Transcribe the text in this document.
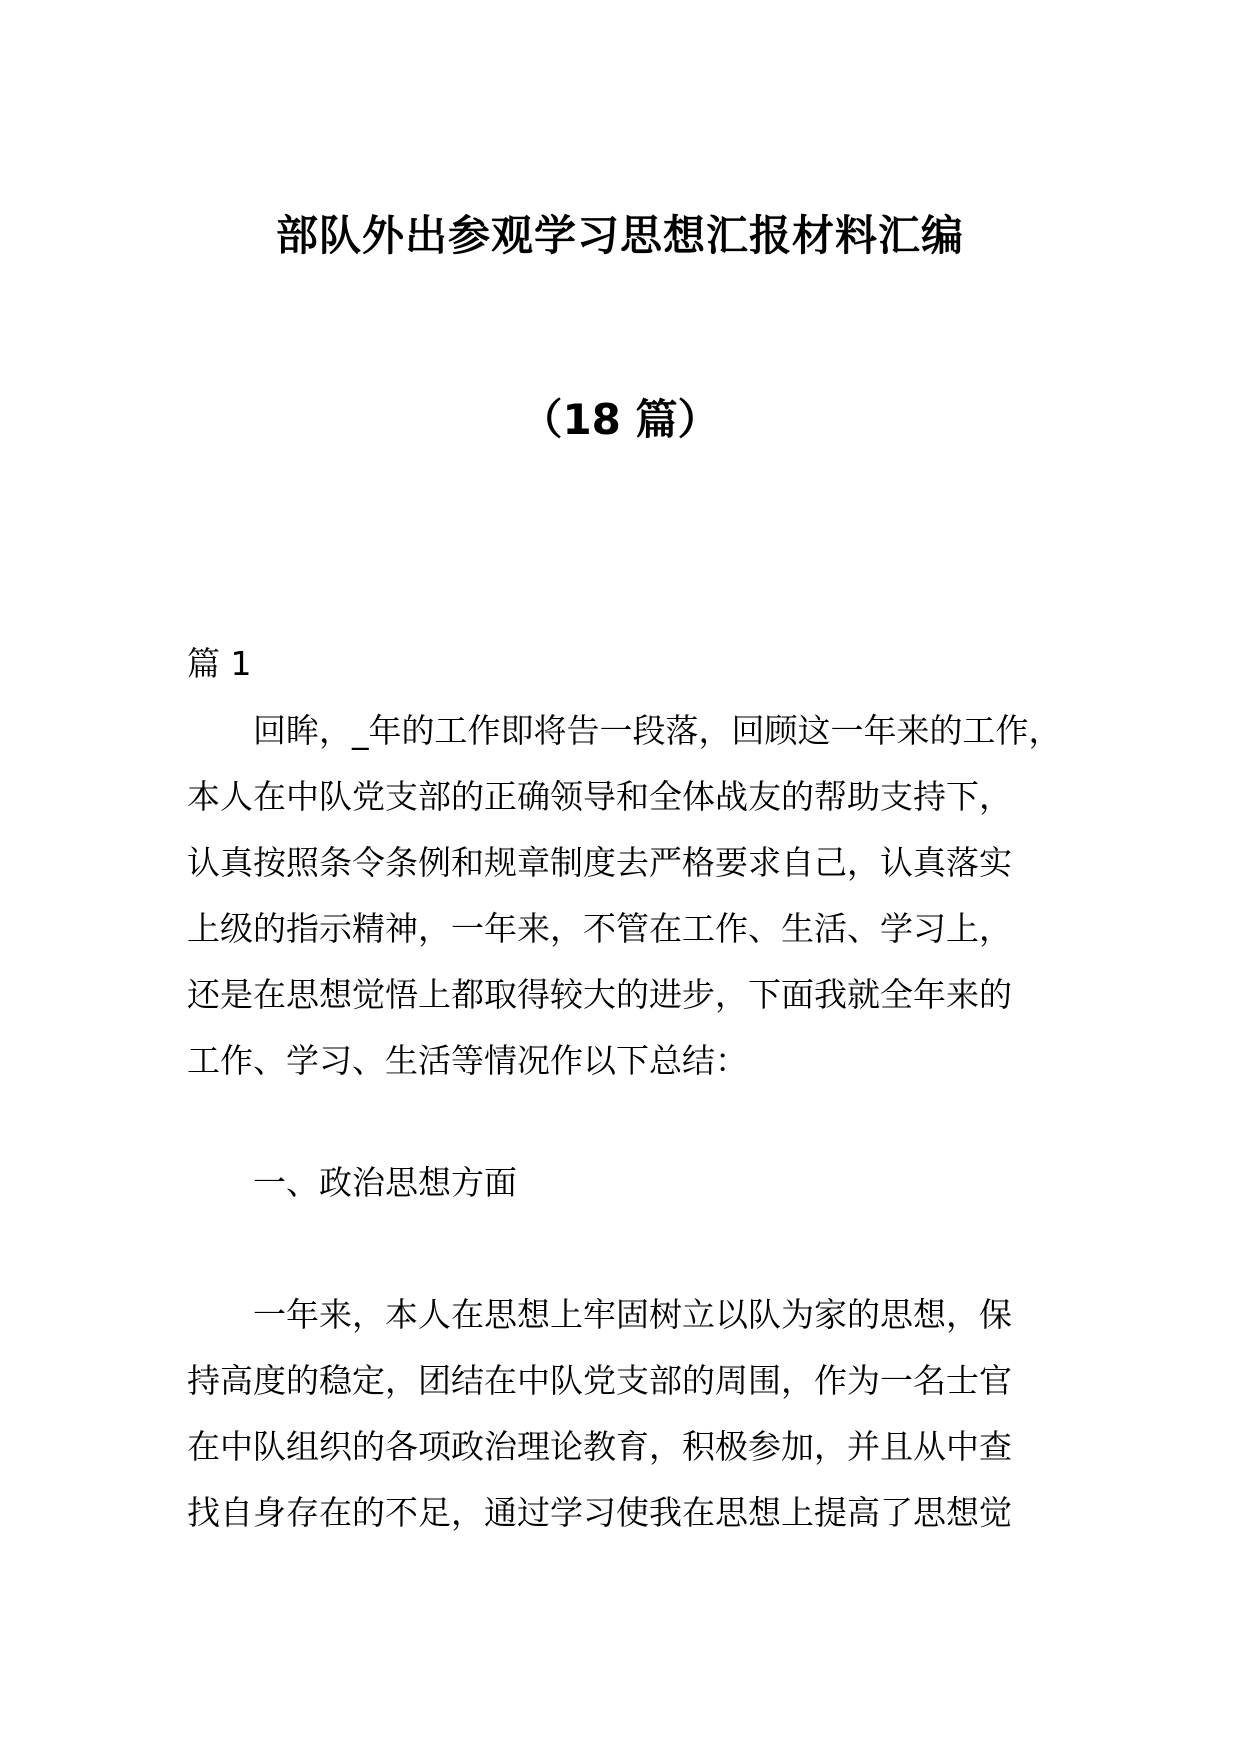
部队外出参观学习思想汇报材料汇编
（18 篇）
篇 1
回眸，_年的工作即将告一段落，回顾这一年来的工作，
本人在中队党支部的正确领导和全体战友的帮助支持下，
认真按照条令条例和规章制度去严格要求自己，认真落实
上级的指示精神，一年来，不管在工作、生活、学习上，
还是在思想觉悟上都取得较大的进步，下面我就全年来的
工作、学习、生活等情况作以下总结：
一、政治思想方面
一年来，本人在思想上牢固树立以队为家的思想，保
持高度的稳定，团结在中队党支部的周围，作为一名士官
在中队组织的各项政治理论教育，积极参加，并且从中查
找自身存在的不足，通过学习使我在思想上提高了思想觉
